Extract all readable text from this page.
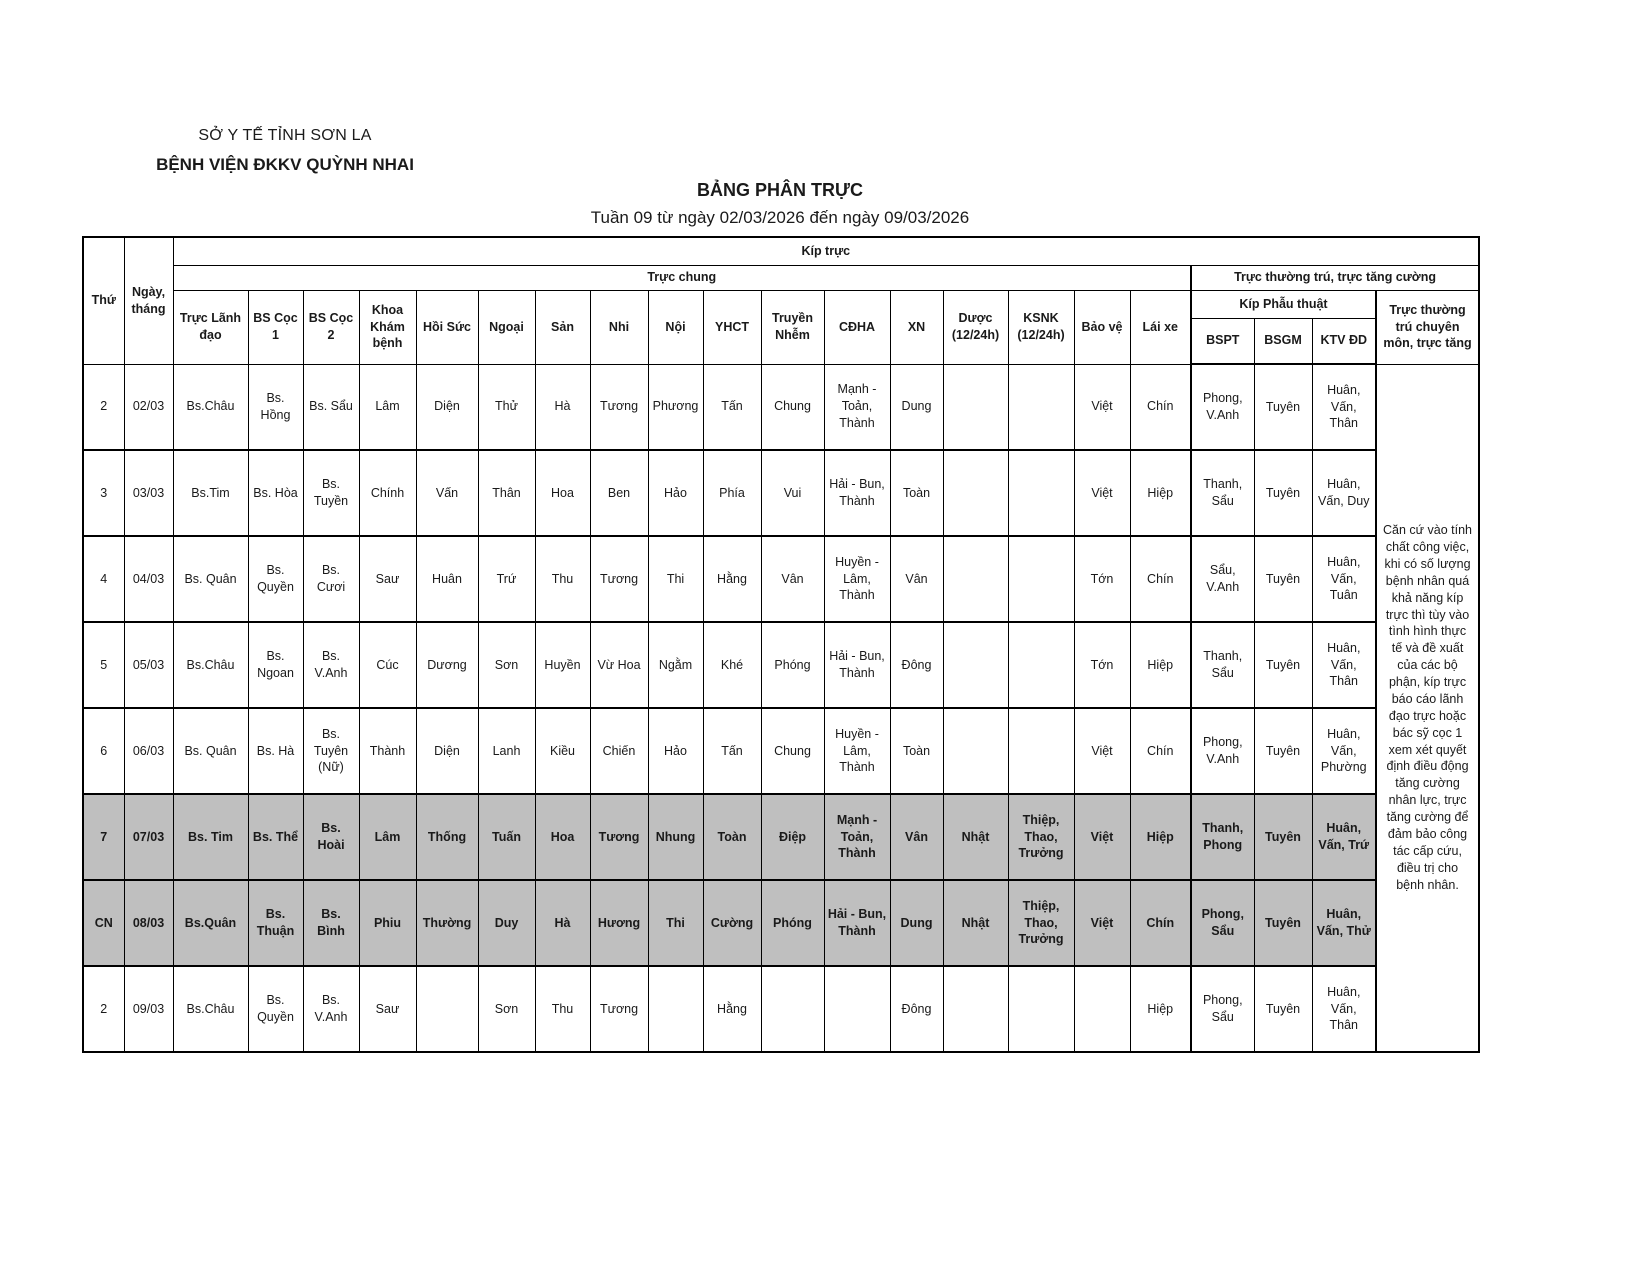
SỞ Y TẾ TỈNH SƠN LA
BỆNH VIỆN ĐKKV QUỲNH NHAI
BẢNG PHÂN TRỰC
Tuần 09 từ ngày 02/03/2026 đến ngày 09/03/2026
Thứ	Ngày, tháng	Kíp trực																				
		Trực chung																	Trực thường trú, trực tăng cường			
		Trực Lãnh đạo	BS Cọc 1	BS Cọc 2	Khoa Khám bệnh	Hồi Sức	Ngoại	Sản	Nhi	Nội	YHCT	Truyền Nhễm	CĐHA	XN	Dược (12/24h)	KSNK (12/24h)	Bảo vệ	Lái xe	Kíp Phẫu thuật			Trực thường trú chuyên môn, trực tăng
																			BSPT	BSGM	KTV ĐD	
2	02/03	Bs.Châu	Bs. Hồng	Bs. Sẩu	Lâm	Diện	Thử	Hà	Tương	Phương	Tấn	Chung	Mạnh - Toản, Thành	Dung			Việt	Chín	Phong, V.Anh	Tuyên	Huân, Vấn, Thân	Căn cứ vào tính chất công việc, khi có số lượng bệnh nhân quá khả năng kíp trực thì tùy vào tình hình thực tế và đề xuất của các bộ phận, kíp trực báo cáo lãnh đạo trực hoặc bác sỹ cọc 1 xem xét quyết định điều động tăng cường nhân lực, trực tăng cường để đảm bảo công tác cấp cứu, điều trị cho bệnh nhân.
3	03/03	Bs.Tim	Bs. Hòa	Bs. Tuyền	Chính	Vấn	Thân	Hoa	Ben	Hảo	Phía	Vui	Hải - Bun, Thành	Toàn			Việt	Hiệp	Thanh, Sẩu	Tuyên	Huân, Vấn, Duy	
4	04/03	Bs. Quân	Bs. Quyền	Bs. Cươi	Saư	Huân	Trứ	Thu	Tương	Thi	Hằng	Vân	Huyền - Lâm, Thành	Vân			Tớn	Chín	Sẩu, V.Anh	Tuyên	Huân, Vấn, Tuân	
5	05/03	Bs.Châu	Bs. Ngoan	Bs. V.Anh	Cúc	Dương	Sơn	Huyền	Vừ Hoa	Ngằm	Khé	Phóng	Hải - Bun, Thành	Đông			Tớn	Hiệp	Thanh, Sẩu	Tuyên	Huân, Vấn, Thân	
6	06/03	Bs. Quân	Bs. Hà	Bs. Tuyên (Nữ)	Thành	Diện	Lanh	Kiều	Chiến	Hảo	Tấn	Chung	Huyền - Lâm, Thành	Toàn			Việt	Chín	Phong, V.Anh	Tuyên	Huân, Vấn, Phường	
7	07/03	Bs. Tim	Bs. Thể	Bs. Hoài	Lâm	Thống	Tuấn	Hoa	Tương	Nhung	Toàn	Điệp	Mạnh - Toản, Thành	Vân	Nhật	Thiệp, Thao, Trưởng	Việt	Hiệp	Thanh, Phong	Tuyên	Huân, Vấn, Trứ	
CN	08/03	Bs.Quân	Bs. Thuận	Bs. Bình	Phiu	Thường	Duy	Hà	Hương	Thi	Cường	Phóng	Hải - Bun, Thành	Dung	Nhật	Thiệp, Thao, Trưởng	Việt	Chín	Phong, Sẩu	Tuyên	Huân, Vấn, Thử	
2	09/03	Bs.Châu	Bs. Quyền	Bs. V.Anh	Saư		Sơn	Thu	Tương		Hằng			Đông				Hiệp	Phong, Sẩu	Tuyên	Huân, Vấn, Thân	
